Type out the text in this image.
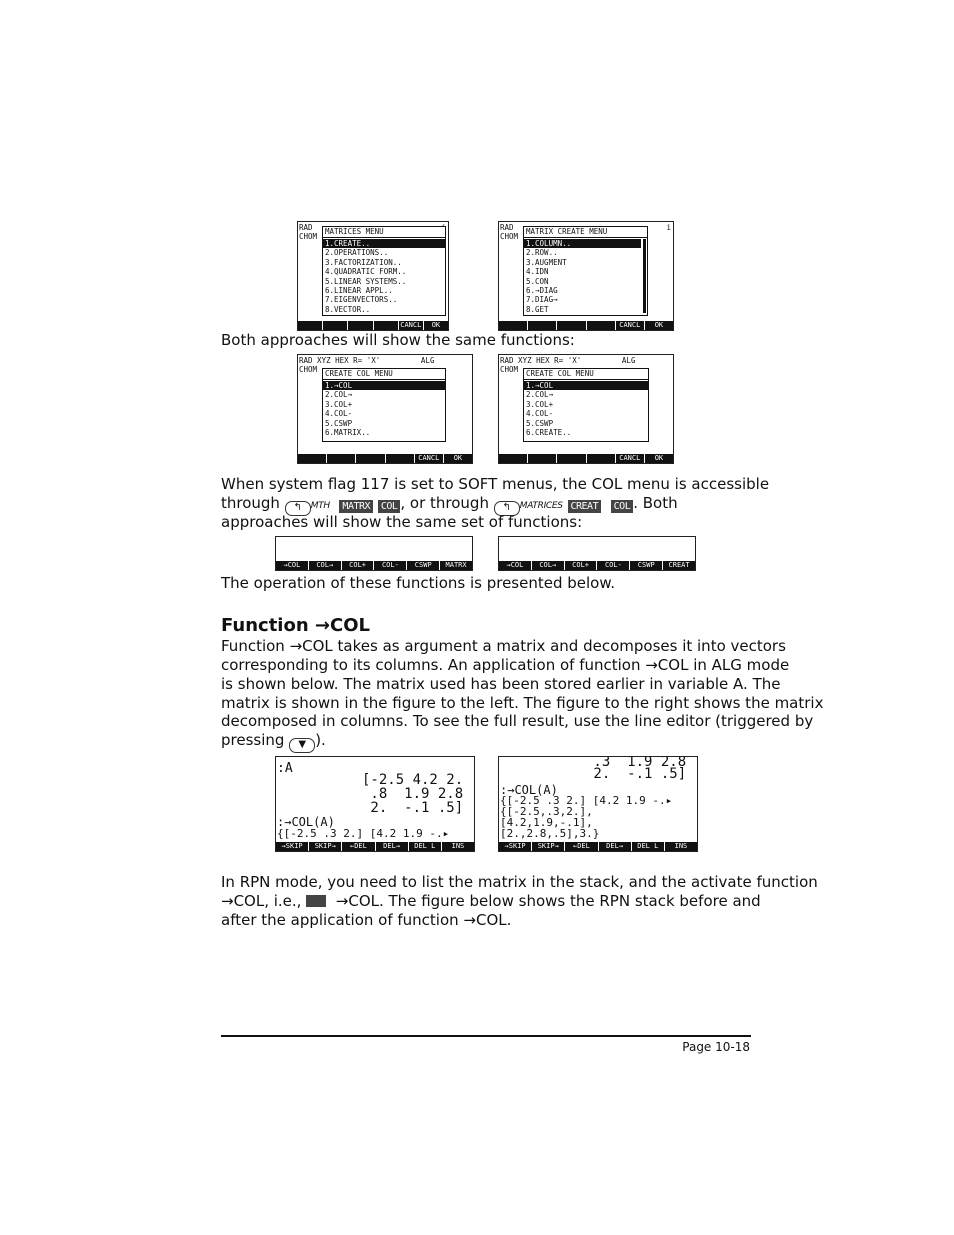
RAD
CHOM
MATRICES MENU
1.CREATE..
2.OPERATIONS..
3.FACTORIZATION..
4.QUADRATIC FORM..
5.LINEAR SYSTEMS..
6.LINEAR APPL..
7.EIGENVECTORS..
8.VECTOR..
CANCL	OK
RAD
CHOM
i
MATRIX CREATE MENU
1.COLUMN..
2.ROW..
3.AUGMENT
4.IDN
5.CON
6.→DIAG
7.DIAG→
8.GET
CANCL	OK
Both approaches will show the same functions:
RAD XYZ HEX R= 'X'         ALG
CHOM CREATE COL MENU
1.→COL
2.COL→
3.COL+
4.COL-
5.CSWP
6.MATRIX..
CANCL	OK
RAD XYZ HEX R= 'X'         ALG
CHOM CREATE COL MENU
1.→COL
2.COL→
3.COL+
4.COL-
5.CSWP
6.CREATE..
CANCL	OK
When system flag 117 is set to SOFT menus, the COL menu is accessible
through ↰ MTH MATRX COL , or through ↰ MATRICES CREAT COL . Both
approaches will show the same set of functions:
→COL	COL→	COL+	COL-	CSWP	MATRX	→COL	COL→	COL+	COL-	CSWP	CREAT
The operation of these functions is presented below.
Function →COL
Function →COL takes as argument a matrix and decomposes it into vectors
corresponding to its columns. An application of function →COL in ALG mode
is shown below. The matrix used has been stored earlier in variable A. The
matrix is shown in the figure to the left. The figure to the right shows the matrix
decomposed in columns. To see the full result, use the line editor (triggered by
pressing ▼ ).
:A
[-2.5 4.2 2.
.8  1.9 2.8
2.  -.1 .5]
:→COL(A)
{[-2.5 .3 2.] [4.2 1.9 -.▸
→SKIP	SKIP→	←DEL	DEL→	DEL L	INS
.3  1.9 2.8
2.  -.1 .5]
:→COL(A)
{[-2.5 .3 2.] [4.2 1.9 -.▸
{[-2.5,.3,2.],
[4.2,1.9,-.1],
[2.,2.8,.5],3.}
→SKIP	SKIP→	←DEL	DEL→	DEL L	INS
In RPN mode, you need to list the matrix in the stack, and the activate function
→COL, i.e., →COL. The figure below shows the RPN stack before and
after the application of function →COL.
Page 10-18
